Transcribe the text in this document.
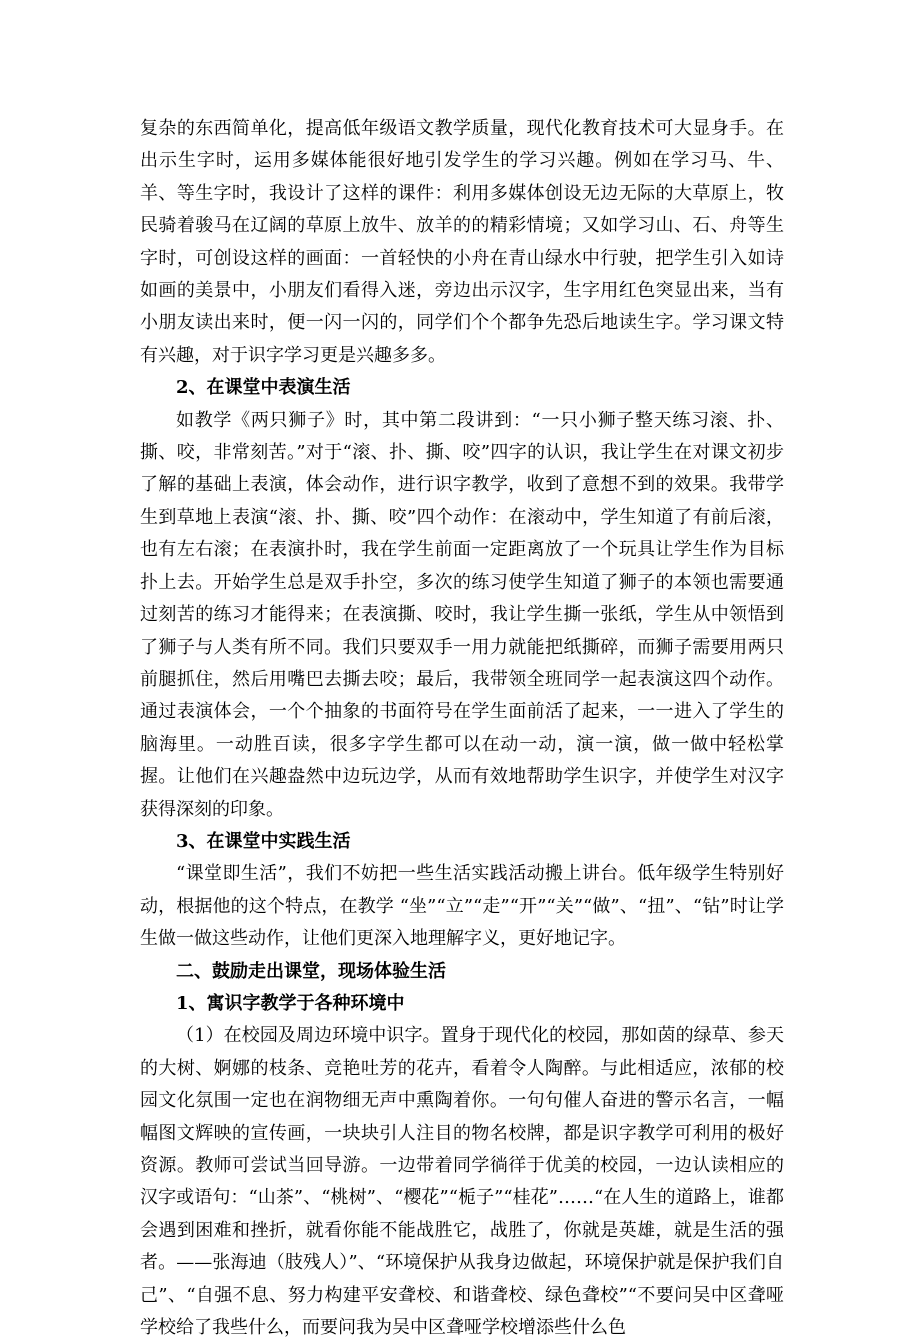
复杂的东西简单化，提高低年级语文教学质量，现代化教育技术可大显身手。在出示生字时，运用多媒体能很好地引发学生的学习兴趣。例如在学习马、牛、羊、等生字时，我设计了这样的课件：利用多媒体创设无边无际的大草原上，牧民骑着骏马在辽阔的草原上放牛、放羊的的精彩情境；又如学习山、石、舟等生字时，可创设这样的画面：一首轻快的小舟在青山绿水中行驶，把学生引入如诗如画的美景中，小朋友们看得入迷，旁边出示汉字，生字用红色突显出来，当有小朋友读出来时，便一闪一闪的，同学们个个都争先恐后地读生字。学习课文特有兴趣，对于识字学习更是兴趣多多。

2、在课堂中表演生活

如教学《两只狮子》时，其中第二段讲到：“一只小狮子整天练习滚、扑、撕、咬，非常刻苦。”对于“滚、扑、撕、咬”四字的认识，我让学生在对课文初步了解的基础上表演，体会动作，进行识字教学，收到了意想不到的效果。我带学生到草地上表演“滚、扑、撕、咬”四个动作：在滚动中，学生知道了有前后滚，也有左右滚；在表演扑时，我在学生前面一定距离放了一个玩具让学生作为目标扑上去。开始学生总是双手扑空，多次的练习使学生知道了狮子的本领也需要通过刻苦的练习才能得来；在表演撕、咬时，我让学生撕一张纸，学生从中领悟到了狮子与人类有所不同。我们只要双手一用力就能把纸撕碎，而狮子需要用两只前腿抓住，然后用嘴巴去撕去咬；最后，我带领全班同学一起表演这四个动作。通过表演体会，一个个抽象的书面符号在学生面前活了起来，一一进入了学生的脑海里。一动胜百读，很多字学生都可以在动一动，演一演，做一做中轻松掌握。让他们在兴趣盎然中边玩边学，从而有效地帮助学生识字，并使学生对汉字获得深刻的印象。

3、在课堂中实践生活

“课堂即生活”，我们不妨把一些生活实践活动搬上讲台。低年级学生特别好动，根据他的这个特点，在教学 “坐”“立”“走”“开”“关”“做”、“扭”、“钻”时让学生做一做这些动作，让他们更深入地理解字义，更好地记字。

二、鼓励走出课堂，现场体验生活

1、寓识字教学于各种环境中

（1）在校园及周边环境中识字。置身于现代化的校园，那如茵的绿草、参天的大树、婀娜的枝条、竞艳吐芳的花卉，看着令人陶醉。与此相适应，浓郁的校园文化氛围一定也在润物细无声中熏陶着你。一句句催人奋进的警示名言，一幅幅图文辉映的宣传画，一块块引人注目的物名校牌，都是识字教学可利用的极好资源。教师可尝试当回导游。一边带着同学徜徉于优美的校园，一边认读相应的汉字或语句：“山茶”、“桃树”、“樱花”“栀子”“桂花”……“在人生的道路上，谁都会遇到困难和挫折，就看你能不能战胜它，战胜了，你就是英雄，就是生活的强者。——张海迪（肢残人）”、“环境保护从我身边做起，环境保护就是保护我们自己”、“自强不息、努力构建平安聋校、和谐聋校、绿色聋校”“不要问吴中区聋哑学校给了我些什么，而要问我为吴中区聋哑学校增添些什么色
